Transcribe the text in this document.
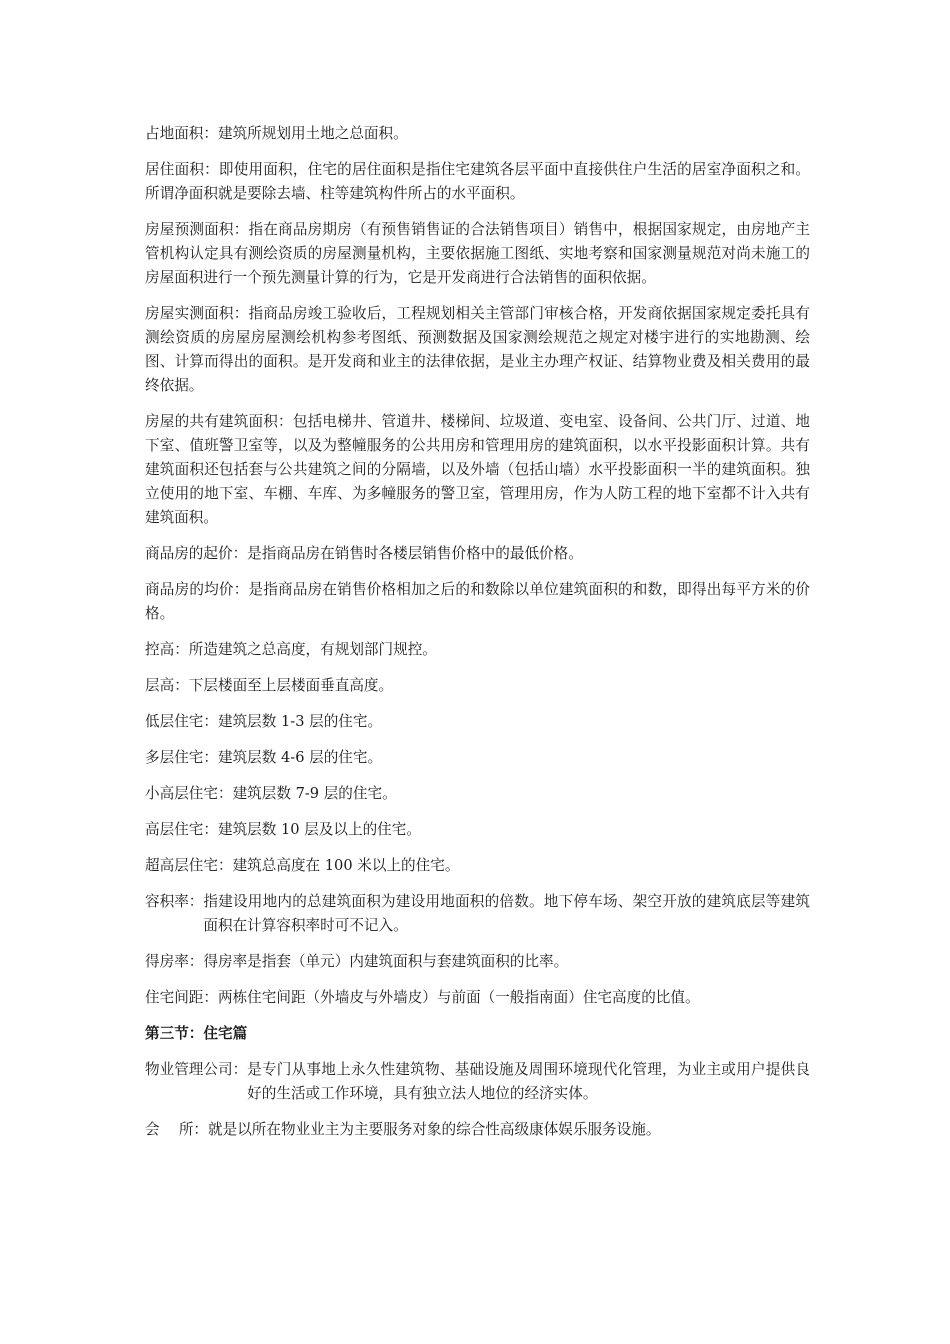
占地面积：建筑所规划用土地之总面积。

居住面积：即使用面积，住宅的居住面积是指住宅建筑各层平面中直接供住户生活的居室净面积之和。所谓净面积就是要除去墙、柱等建筑构件所占的水平面积。

房屋预测面积：指在商品房期房（有预售销售证的合法销售项目）销售中，根据国家规定，由房地产主管机构认定具有测绘资质的房屋测量机构，主要依据施工图纸、实地考察和国家测量规范对尚未施工的房屋面积进行一个预先测量计算的行为，它是开发商进行合法销售的面积依据。

房屋实测面积：指商品房竣工验收后，工程规划相关主管部门审核合格，开发商依据国家规定委托具有测绘资质的房屋房屋测绘机构参考图纸、预测数据及国家测绘规范之规定对楼宇进行的实地勘测、绘图、计算而得出的面积。是开发商和业主的法律依据，是业主办理产权证、结算物业费及相关费用的最终依据。

房屋的共有建筑面积：包括电梯井、管道井、楼梯间、垃圾道、变电室、设备间、公共门厅、过道、地下室、值班警卫室等，以及为整幢服务的公共用房和管理用房的建筑面积，以水平投影面积计算。共有建筑面积还包括套与公共建筑之间的分隔墙，以及外墙（包括山墙）水平投影面积一半的建筑面积。独立使用的地下室、车棚、车库、为多幢服务的警卫室，管理用房，作为人防工程的地下室都不计入共有建筑面积。

商品房的起价：是指商品房在销售时各楼层销售价格中的最低价格。

商品房的均价：是指商品房在销售价格相加之后的和数除以单位建筑面积的和数，即得出每平方米的价格。

控高：所造建筑之总高度，有规划部门规控。

层高：下层楼面至上层楼面垂直高度。

低层住宅：建筑层数 1-3 层的住宅。

多层住宅：建筑层数 4-6 层的住宅。

小高层住宅：建筑层数 7-9 层的住宅。

高层住宅：建筑层数 10 层及以上的住宅。

超高层住宅：建筑总高度在 100 米以上的住宅。

容积率： 指建设用地内的总建筑面积为建设用地面积的倍数。地下停车场、架空开放的建筑底层等建筑面积在计算容积率时可不记入。
得房率： 得房率是指套（单元）内建筑面积与套建筑面积的比率。
住宅间距： 两栋住宅间距（外墙皮与外墙皮）与前面（一般指南面）住宅高度的比值。

第三节：住宅篇

物业管理公司： 是专门从事地上永久性建筑物、基础设施及周围环境现代化管理，为业主或用户提供良好的生活或工作环境，具有独立法人地位的经济实体。
会　 所： 就是以所在物业业主为主要服务对象的综合性高级康体娱乐服务设施。
